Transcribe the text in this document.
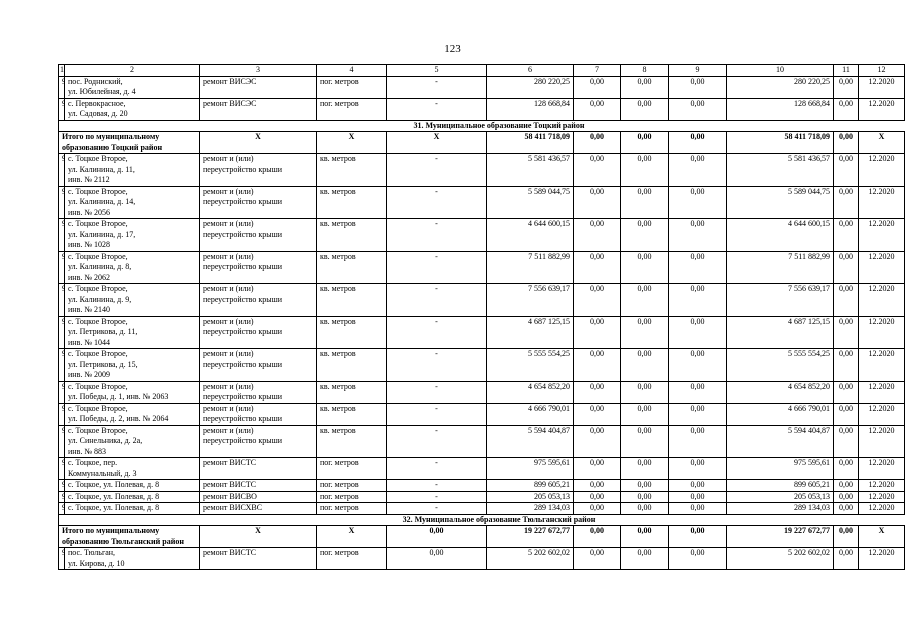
123
1	2	3	4	5	6	7	8	9	10	11	12	
	пос. Родниский,
ул. Юбилейная, д. 4	ремонт ВИСЭС	пог. метров	-	280 220,25	0,00	0,00	0,00	280 220,25	0,00	12.2020	
	с. Первокрасное,
ул. Садовая, д. 20	ремонт ВИСЭС	пог. метров	-	128 668,84	0,00	0,00	0,00	128 668,84	0,00	12.2020	
31. Муниципальное образование Тоцкий район												
Итого по муниципальному
образованию Тоцкий район		X	X	X	58 411 718,09	0,00	0,00	0,00	58 411 718,09	0,00	X	
	с. Тоцкое Второе,
ул. Калинина, д. 11,
инв. № 2112	ремонт и (или)
переустройство крыши	кв. метров	-	5 581 436,57	0,00	0,00	0,00	5 581 436,57	0,00	12.2020	
	с. Тоцкое Второе,
ул. Калинина, д. 14,
инв. № 2056	ремонт и (или)
переустройство крыши	кв. метров	-	5 589 044,75	0,00	0,00	0,00	5 589 044,75	0,00	12.2020	
	с. Тоцкое Второе,
ул. Калинина, д. 17,
инв. № 1028	ремонт и (или)
переустройство крыши	кв. метров	-	4 644 600,15	0,00	0,00	0,00	4 644 600,15	0,00	12.2020	
	с. Тоцкое Второе,
ул. Калинина, д. 8,
инв. № 2062	ремонт и (или)
переустройство крыши	кв. метров	-	7 511 882,99	0,00	0,00	0,00	7 511 882,99	0,00	12.2020	
	с. Тоцкое Второе,
ул. Калинина, д. 9,
инв. № 2140	ремонт и (или)
переустройство крыши	кв. метров	-	7 556 639,17	0,00	0,00	0,00	7 556 639,17	0,00	12.2020	
	с. Тоцкое Второе,
ул. Петрикова, д. 11,
инв. № 1044	ремонт и (или)
переустройство крыши	кв. метров	-	4 687 125,15	0,00	0,00	0,00	4 687 125,15	0,00	12.2020	
	с. Тоцкое Второе,
ул. Петрикова, д. 15,
инв. № 2009	ремонт и (или)
переустройство крыши	кв. метров	-	5 555 554,25	0,00	0,00	0,00	5 555 554,25	0,00	12.2020	
	с. Тоцкое Второе,
ул. Победы, д. 1, инв. № 2063	ремонт и (или)
переустройство крыши	кв. метров	-	4 654 852,20	0,00	0,00	0,00	4 654 852,20	0,00	12.2020	
	с. Тоцкое Второе,
ул. Победы, д. 2, инв. № 2064	ремонт и (или)
переустройство крыши	кв. метров	-	4 666 790,01	0,00	0,00	0,00	4 666 790,01	0,00	12.2020	
	с. Тоцкое Второе,
ул. Синельника, д. 2а,
инв. № 883	ремонт и (или)
переустройство крыши	кв. метров	-	5 594 404,87	0,00	0,00	0,00	5 594 404,87	0,00	12.2020	
	с. Тоцкое, пер.
Коммунальный, д. 3	ремонт ВИСТС	пог. метров	-	975 595,61	0,00	0,00	0,00	975 595,61	0,00	12.2020	
	с. Тоцкое, ул. Полевая, д. 8	ремонт ВИСТС	пог. метров	-	899 605,21	0,00	0,00	0,00	899 605,21	0,00	12.2020	
	с. Тоцкое, ул. Полевая, д. 8	ремонт ВИСВО	пог. метров	-	205 053,13	0,00	0,00	0,00	205 053,13	0,00	12.2020	
	с. Тоцкое, ул. Полевая, д. 8	ремонт ВИСХВС	пог. метров	-	289 134,03	0,00	0,00	0,00	289 134,03	0,00	12.2020	
32. Муниципальное образование Тюльганский район												
Итого по муниципальному
образованию Тюльганский район		X	X	0,00	19 227 672,77	0,00	0,00	0,00	19 227 672,77	0,00	X	
	пос. Тюльган,
ул. Кирова, д. 10	ремонт ВИСТС	пог. метров	0,00	5 202 602,02	0,00	0,00	0,00	5 202 602,02	0,00	12.2020	
